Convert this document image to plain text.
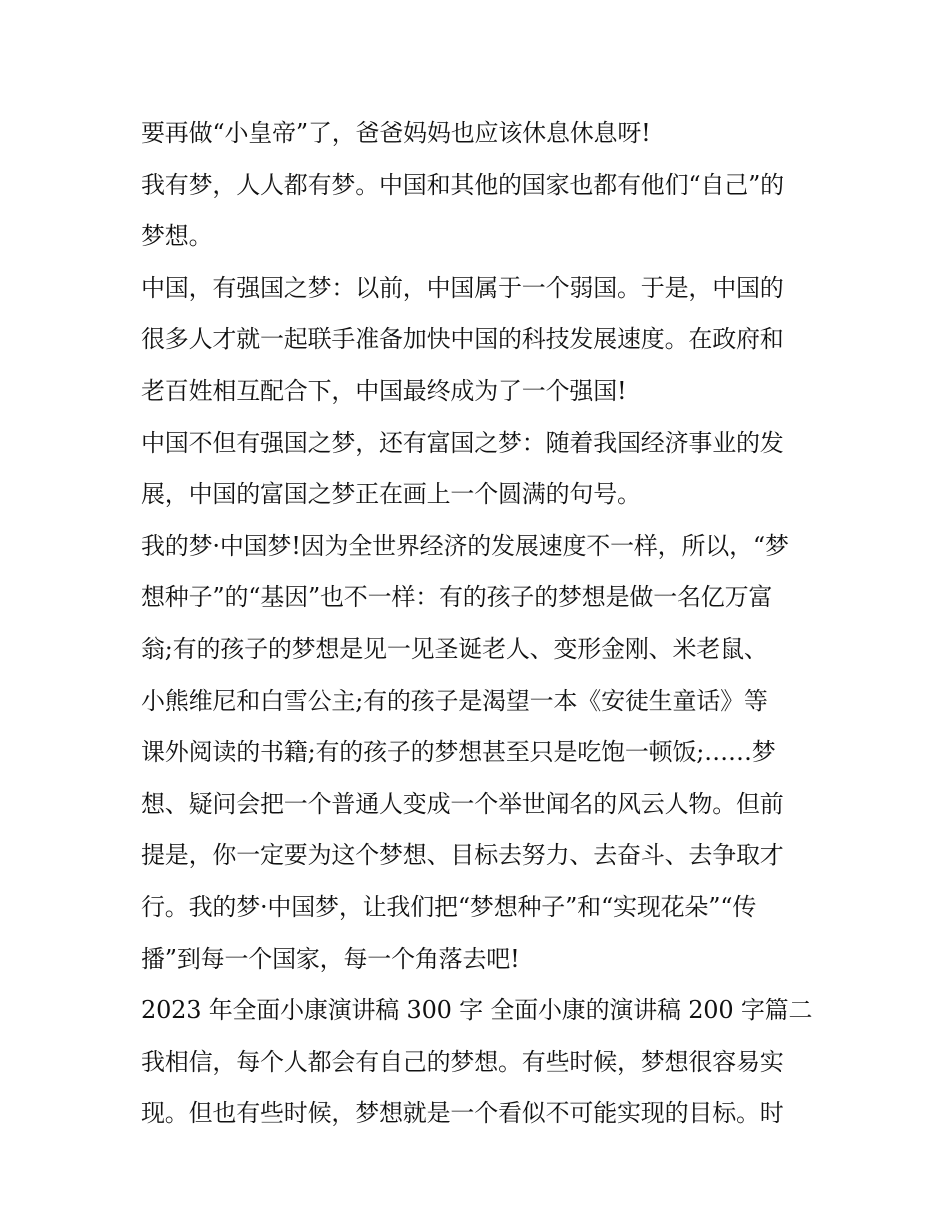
要再做“小皇帝”了，爸爸妈妈也应该休息休息呀!
我有梦，人人都有梦。中国和其他的国家也都有他们“自己”的
梦想。
中国，有强国之梦：以前，中国属于一个弱国。于是，中国的
很多人才就一起联手准备加快中国的科技发展速度。在政府和
老百姓相互配合下，中国最终成为了一个强国!
中国不但有强国之梦，还有富国之梦：随着我国经济事业的发
展，中国的富国之梦正在画上一个圆满的句号。
我的梦·中国梦!因为全世界经济的发展速度不一样，所以，“梦
想种子”的“基因”也不一样：有的孩子的梦想是做一名亿万富
翁;有的孩子的梦想是见一见圣诞老人、变形金刚、米老鼠、
小熊维尼和白雪公主;有的孩子是渴望一本《安徒生童话》等
课外阅读的书籍;有的孩子的梦想甚至只是吃饱一顿饭;……梦
想、疑问会把一个普通人变成一个举世闻名的风云人物。但前
提是，你一定要为这个梦想、目标去努力、去奋斗、去争取才
行。我的梦·中国梦，让我们把“梦想种子”和“实现花朵”“传
播”到每一个国家，每一个角落去吧!
2023 年全面小康演讲稿 300 字 全面小康的演讲稿 200 字篇二
我相信，每个人都会有自己的梦想。有些时候，梦想很容易实
现。但也有些时候，梦想就是一个看似不可能实现的目标。时
